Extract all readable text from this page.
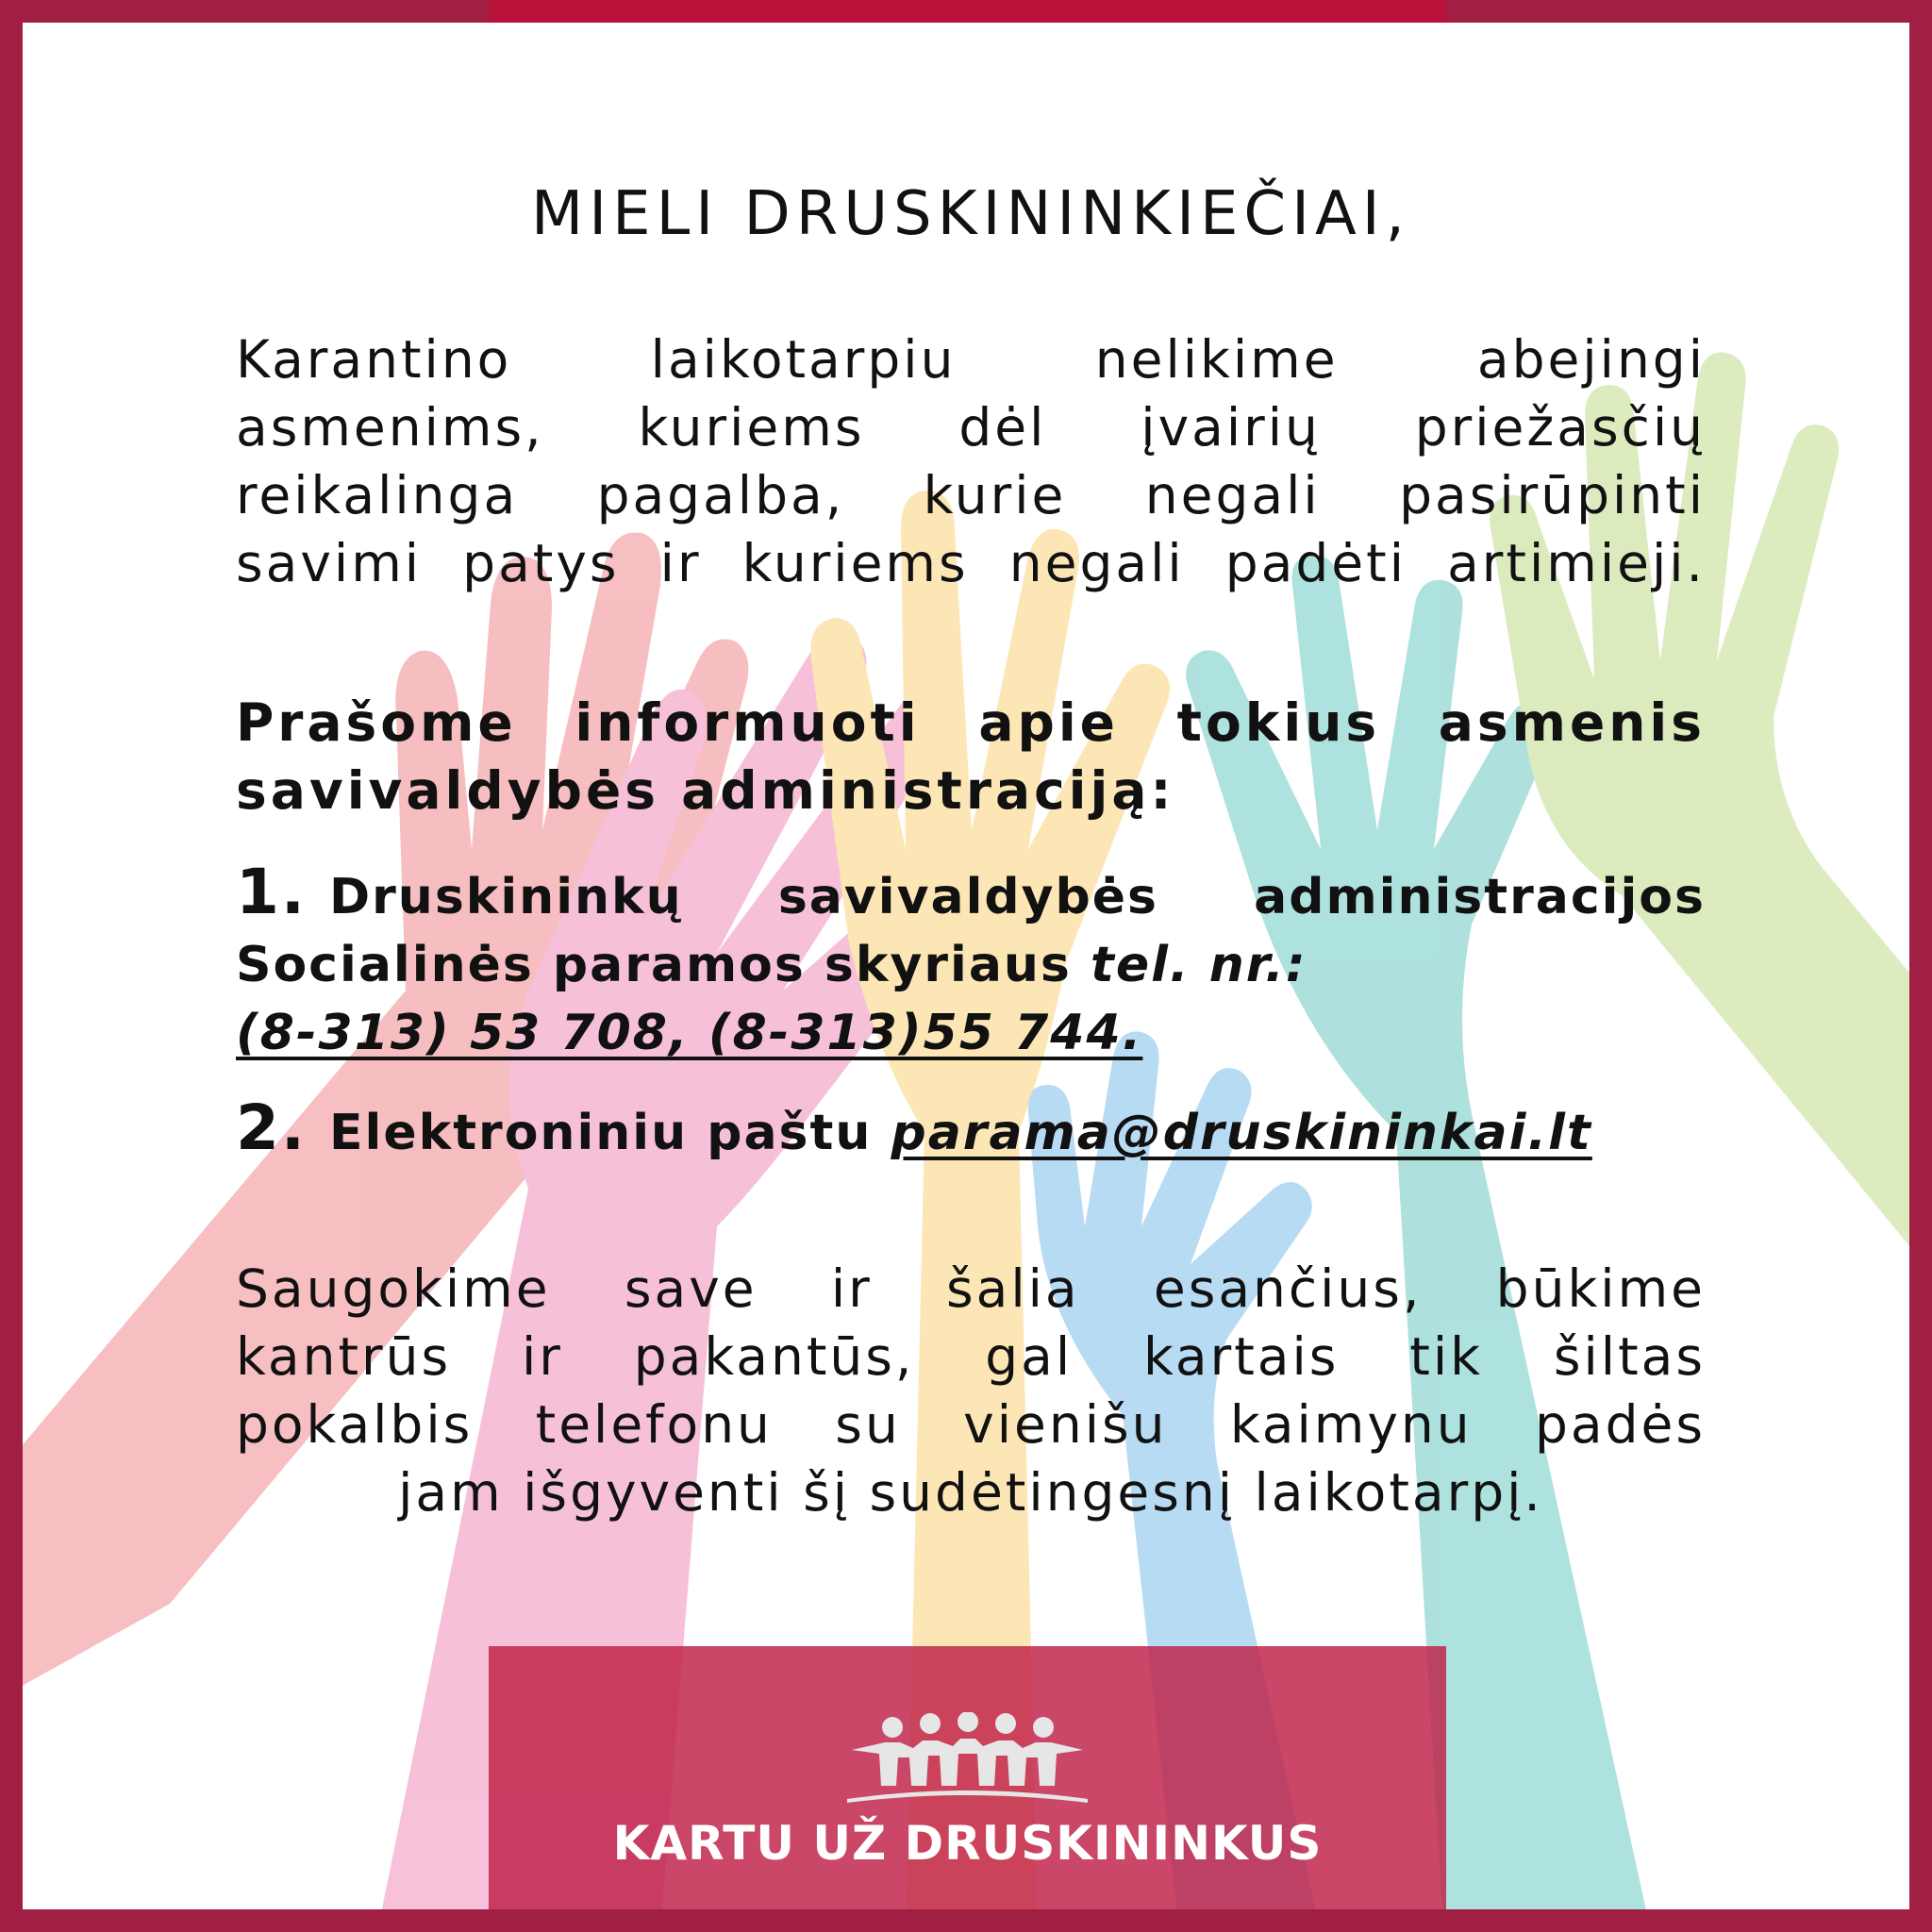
MIELI DRUSKININKIEČIAI,
Karantino laikotarpiu nelikime abejingi
asmenims, kuriems dėl įvairių priežasčių
reikalinga pagalba, kurie negali pasirūpinti
savimi patys ir kuriems negali padėti artimieji.
Prašome informuoti apie tokius asmenis
savivaldybės administraciją:
1. Druskininkų savivaldybės administracijos
Socialinės paramos skyriaus tel. nr.:
(8-313) 53 708, (8-313)55 744.
2. Elektroniniu paštu parama@druskininkai.lt
Saugokime save ir šalia esančius, būkime
kantrūs ir pakantūs, gal kartais tik šiltas
pokalbis telefonu su vienišu kaimynu padės
jam išgyventi šį sudėtingesnį laikotarpį.
KARTU UŽ DRUSKININKUS
